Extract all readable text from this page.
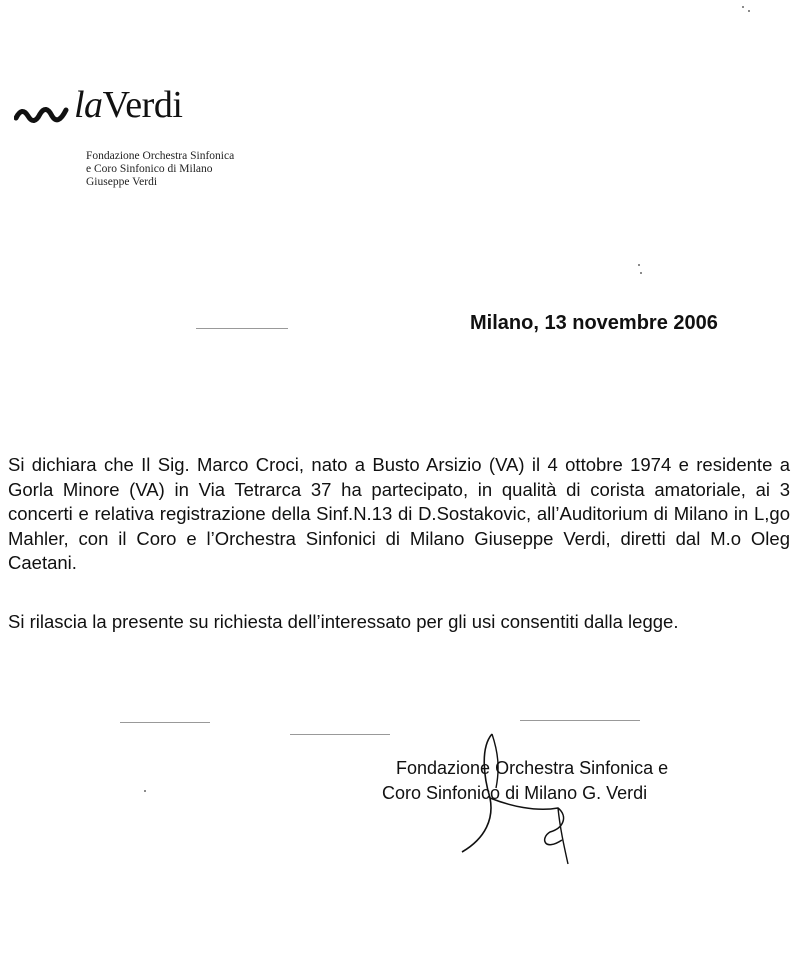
laVerdi
Fondazione Orchestra Sinfonica
e Coro Sinfonico di Milano
Giuseppe Verdi
Milano, 13 novembre 2006
Si dichiara che Il Sig. Marco Croci, nato a Busto Arsizio (VA) il 4 ottobre 1974 e residente a Gorla Minore (VA) in Via Tetrarca 37 ha partecipato, in qualità di corista amatoriale, ai 3 concerti e relativa registrazione della Sinf.N.13 di D.Sostakovic, all’Auditorium di Milano in L,go Mahler, con il Coro e l’Orchestra Sinfonici di Milano Giuseppe Verdi, diretti dal M.o Oleg Caetani.
Si rilascia la presente su richiesta dell’interessato per gli usi consentiti dalla legge.
Fondazione Orchestra Sinfonica e
Coro Sinfonico di Milano G. Verdi
